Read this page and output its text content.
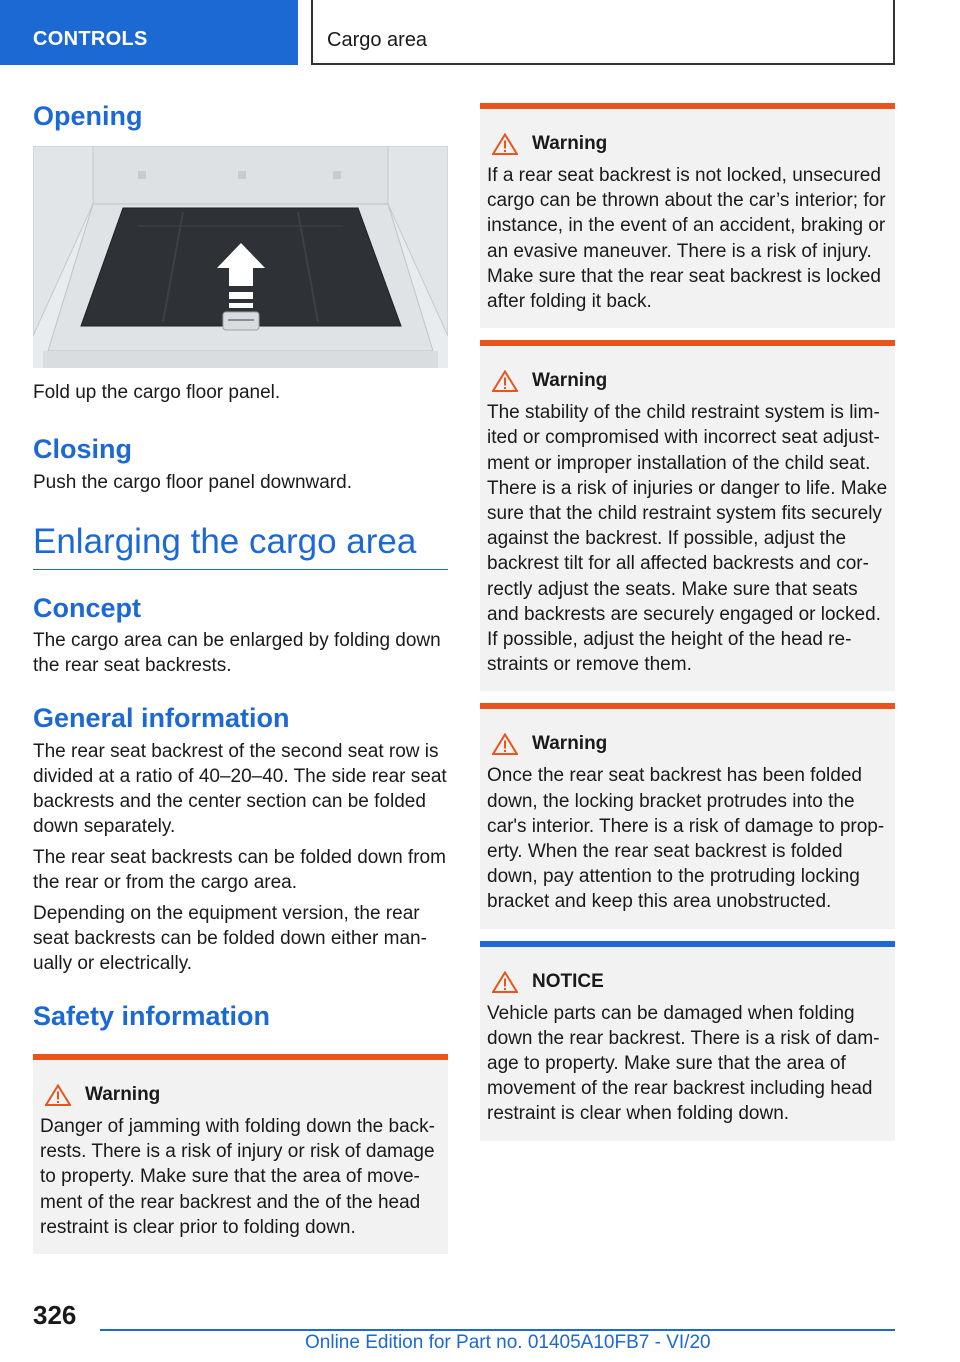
CONTROLS	Cargo area
Opening

Fold up the cargo floor panel.

Closing

Push the cargo floor panel downward.

Enlarging the cargo area
Concept

The cargo area can be enlarged by folding down the rear seat backrests.

General information

The rear seat backrest of the second seat row is divided at a ratio of 40–20–40. The side rear seat backrests and the center section can be folded down separately.

The rear seat backrests can be folded down from the rear or from the cargo area.

Depending on the equipment version, the rear seat backrests can be folded down either man‐ ually or electrically.

Safety information
Warning

Danger of jamming with folding down the back‐ rests. There is a risk of injury or risk of damage to property. Make sure that the area of move‐ ment of the rear backrest and the of the head restraint is clear prior to folding down.

Warning

If a rear seat backrest is not locked, unsecured cargo can be thrown about the car’s interior; for instance, in the event of an accident, braking or an evasive maneuver. There is a risk of injury. Make sure that the rear seat backrest is locked after folding it back.

Warning

The stability of the child restraint system is lim‐ ited or compromised with incorrect seat adjust‐ ment or improper installation of the child seat. There is a risk of injuries or danger to life. Make sure that the child restraint system fits securely against the backrest. If possible, adjust the backrest tilt for all affected backrests and cor‐ rectly adjust the seats. Make sure that seats and backrests are securely engaged or locked. If possible, adjust the height of the head re‐ straints or remove them.

Warning

Once the rear seat backrest has been folded down, the locking bracket protrudes into the car's interior. There is a risk of damage to prop‐ erty. When the rear seat backrest is folded down, pay attention to the protruding locking bracket and keep this area unobstructed.

NOTICE

Vehicle parts can be damaged when folding down the rear backrest. There is a risk of dam‐ age to property. Make sure that the area of movement of the rear backrest including head restraint is clear when folding down.

326
Online Edition for Part no. 01405A10FB7 - VI/20
